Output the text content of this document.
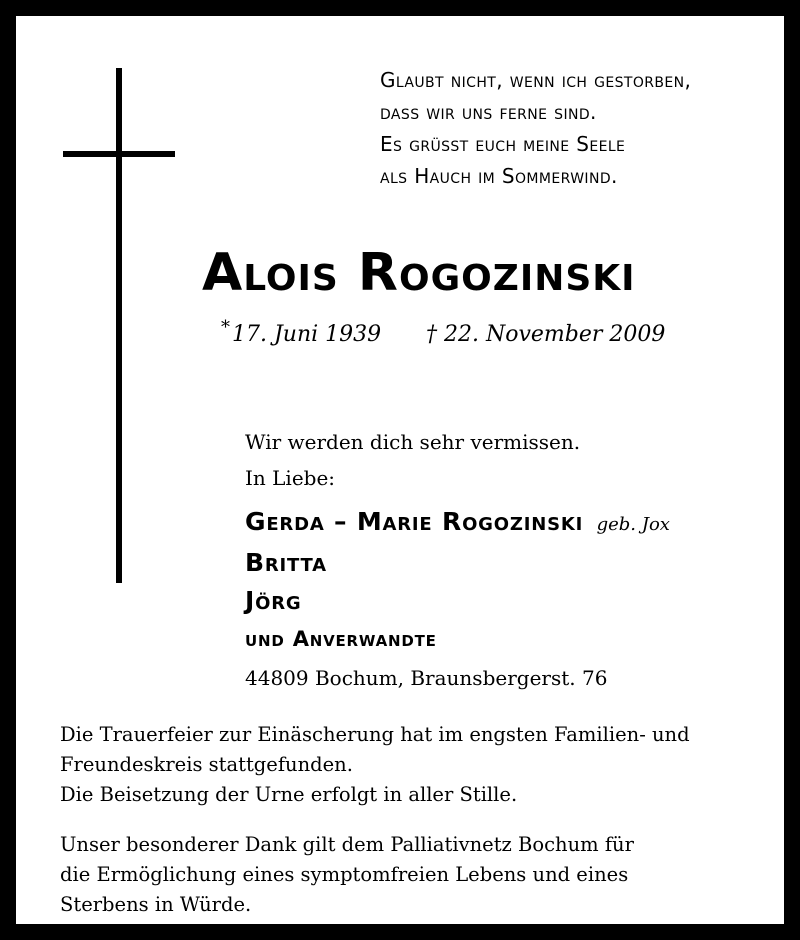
Glaubt nicht, wenn ich gestorben,
dass wir uns ferne sind.
Es grüsst euch meine Seele
als Hauch im Sommerwind.
Alois Rogozinski
*17. Juni 1939 † 22. November 2009
Wir werden dich sehr vermissen.
In Liebe:
Gerda – Marie Rogozinski geb. Jox
Britta
Jörg
und Anverwandte
44809 Bochum, Braunsbergerst. 76
Die Trauerfeier zur Einäscherung hat im engsten Familien- und
Freundeskreis stattgefunden.
Die Beisetzung der Urne erfolgt in aller Stille.
Unser besonderer Dank gilt dem Palliativnetz Bochum für
die Ermöglichung eines symptomfreien Lebens und eines
Sterbens in Würde.
